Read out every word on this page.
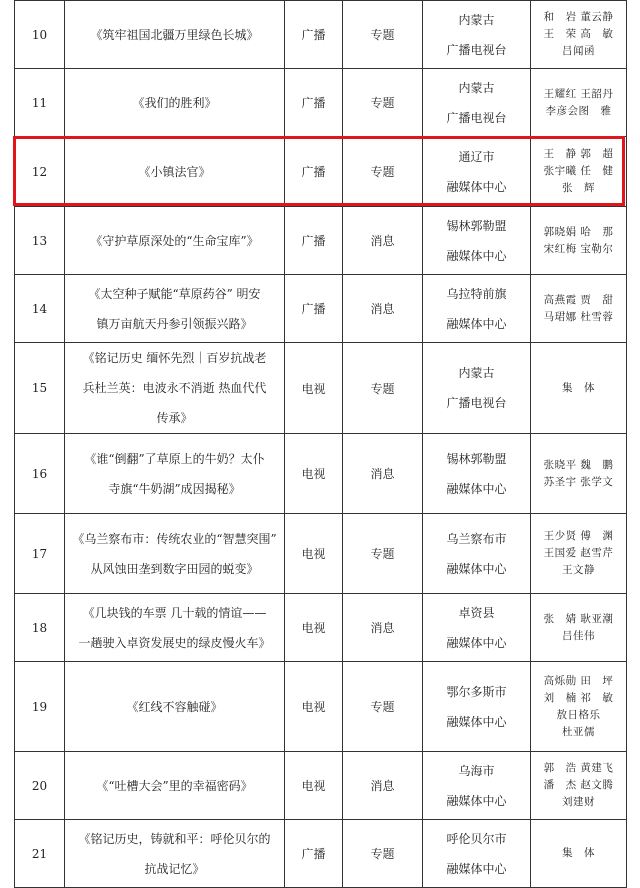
10	《筑牢祖国北疆万里绿色长城》	广播	专题	内蒙古
广播电视台	和　岩 董云静
王　荣 高　敏
吕闻函

11	《我们的胜利》	广播	专题	内蒙古
广播电视台	王耀红 王韶丹
李彦会图　雅

12	《小镇法官》	广播	专题	通辽市
融媒体中心	王　静 郭　超
张宇曦 任　健
张　辉

13	《守护草原深处的“生命宝库”》	广播	消息	锡林郭勒盟
融媒体中心	郭晓娟 哈　那
宋红梅 宝勒尔

14	《太空种子赋能“草原药谷” 明安
镇万亩航天丹参引领振兴路》	广播	消息	乌拉特前旗
融媒体中心	高燕霞 贾　甜
马珺娜 杜雪蓉

15	《铭记历史 缅怀先烈｜百岁抗战老
兵杜兰英：电波永不消逝 热血代代
传承》	电视	专题	内蒙古
广播电视台	集　体

16	《谁“倒翻”了草原上的牛奶？太仆
寺旗“牛奶湖”成因揭秘》	电视	消息	锡林郭勒盟
融媒体中心	张晓平 魏　鹏
苏圣宇 张学文

17	《乌兰察布市：传统农业的“智慧突围”
从风蚀田垄到数字田园的蜕变》	电视	专题	乌兰察布市
融媒体中心	王少贤 傅　渊
王国爱 赵雪芹
王文静

18	《几块钱的车票 几十载的情谊——
一趟驶入卓资发展史的绿皮慢火车》	电视	消息	卓资县
融媒体中心	张　婧 耿亚潮
吕佳伟

19	《红线不容触碰》	电视	专题	鄂尔多斯市
融媒体中心	高烁勋 田　坪
刘　楠 祁　敏
敖日格乐
杜亚儒

20	《“吐槽大会”里的幸福密码》	电视	消息	乌海市
融媒体中心	郭　浩 黄建飞
潘　杰 赵文腾
刘建财

21	《铭记历史，铸就和平：呼伦贝尔的
抗战记忆》	广播	专题	呼伦贝尔市
融媒体中心	集　体
